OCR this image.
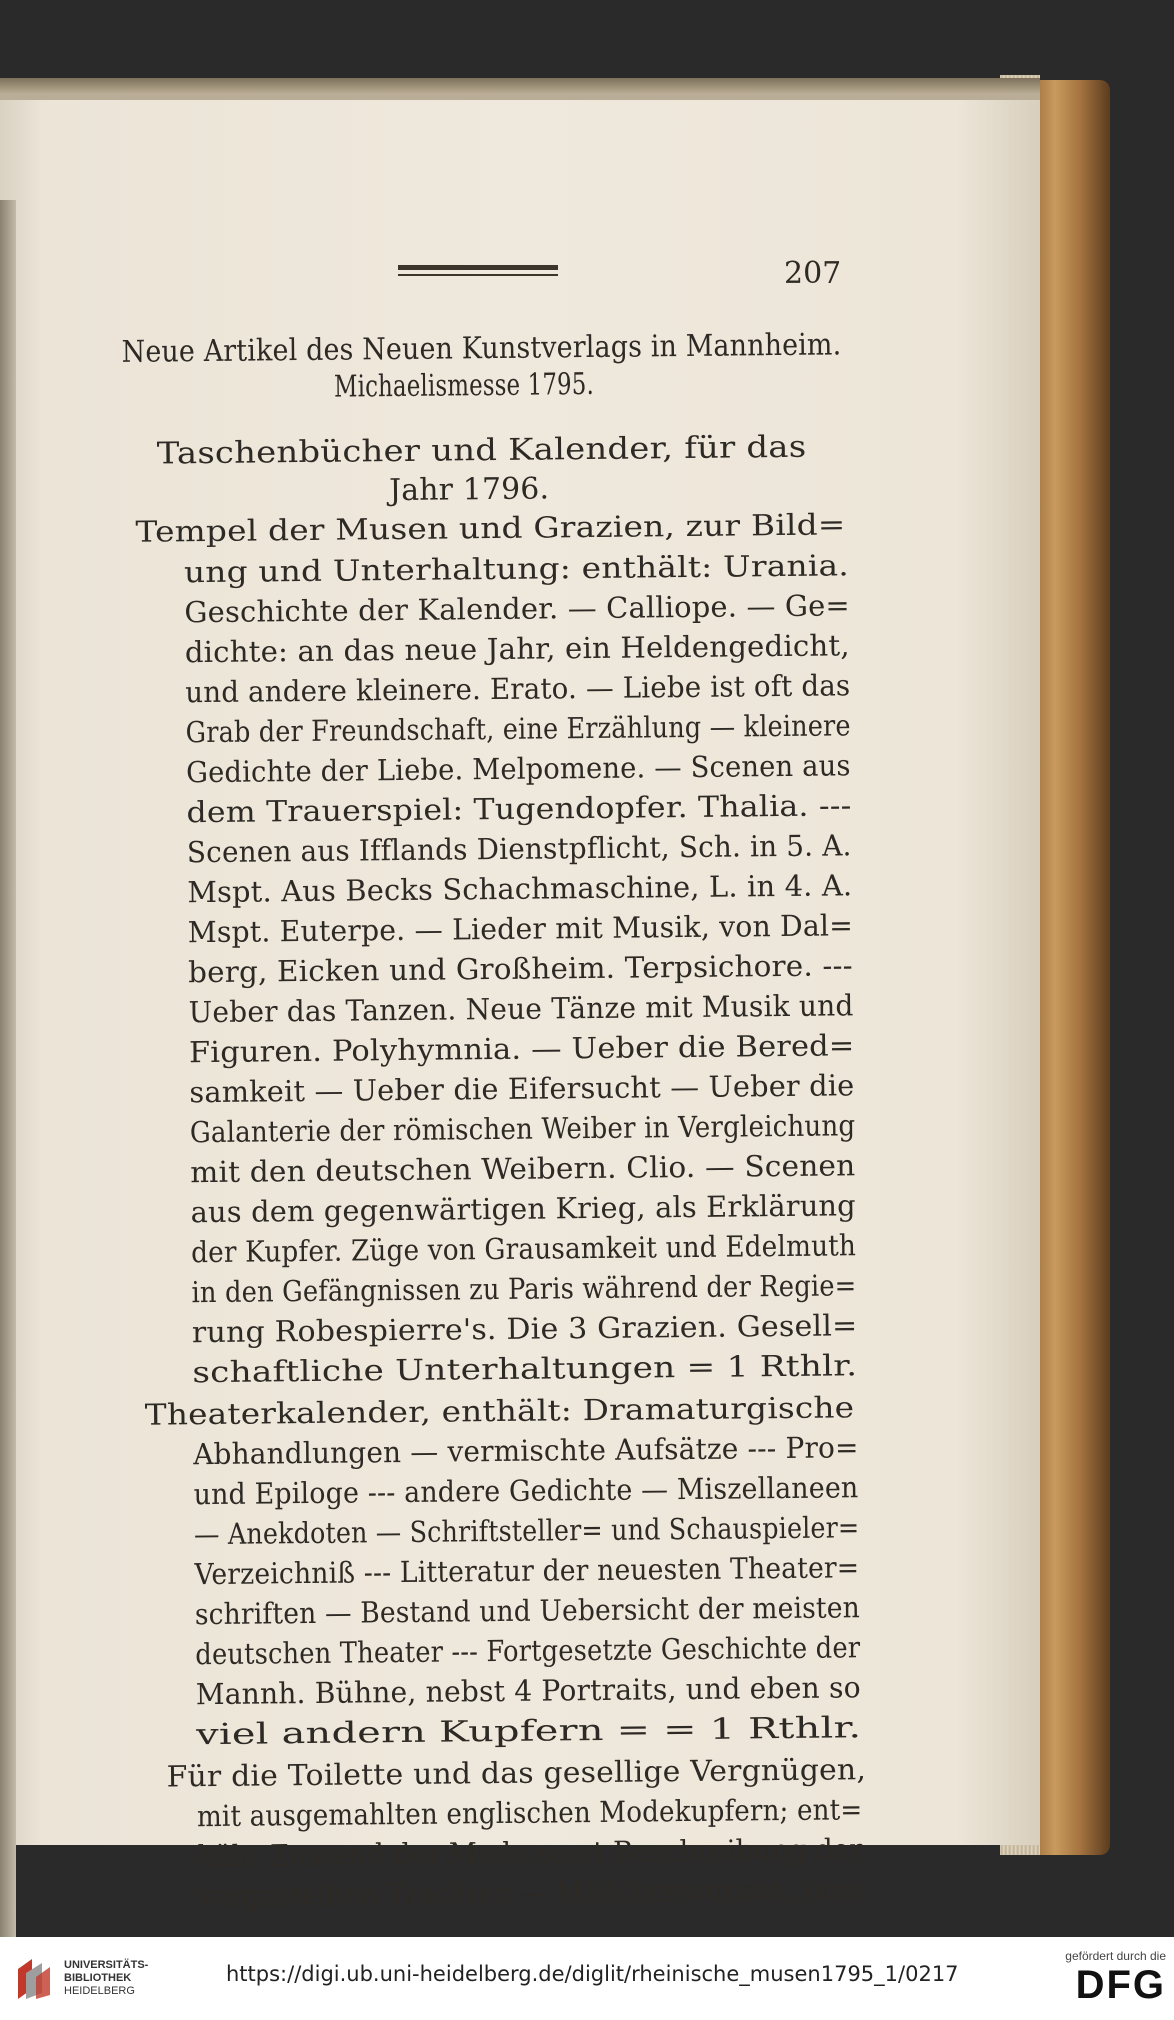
207
Neue Artikel des Neuen Kunstverlags in Mannheim.
Michaelismesse 1795.
Taschenbücher und Kalender, für das
Jahr 1796.
Tempel der Musen und Grazien, zur Bild=
ung und Unterhaltung: enthält: Urania.
Geschichte der Kalender. — Calliope. — Ge=
dichte: an das neue Jahr, ein Heldengedicht,
und andere kleinere. Erato. — Liebe ist oft das
Grab der Freundschaft, eine Erzählung — kleinere
Gedichte der Liebe. Melpomene. — Scenen aus
dem Trauerspiel: Tugendopfer. Thalia. ---
Scenen aus Ifflands Dienstpflicht, Sch. in 5. A.
Mspt. Aus Becks Schachmaschine, L. in 4. A.
Mspt. Euterpe. — Lieder mit Musik, von Dal=
berg, Eicken und Großheim. Terpsichore. ---
Ueber das Tanzen. Neue Tänze mit Musik und
Figuren. Polyhymnia. — Ueber die Bered=
samkeit — Ueber die Eifersucht — Ueber die
Galanterie der römischen Weiber in Vergleichung
mit den deutschen Weibern. Clio. — Scenen
aus dem gegenwärtigen Krieg, als Erklärung
der Kupfer. Züge von Grausamkeit und Edelmuth
in den Gefängnissen zu Paris während der Regie=
rung Robespierre's. Die 3 Grazien. Gesell=
schaftliche Unterhaltungen = 1 Rthlr.
Theaterkalender, enthält: Dramaturgische
Abhandlungen — vermischte Aufsätze --- Pro=
und Epiloge --- andere Gedichte — Miszellaneen
— Anekdoten — Schriftsteller= und Schauspieler=
Verzeichniß --- Litteratur der neuesten Theater=
schriften — Bestand und Uebersicht der meisten
deutschen Theater --- Fortgesetzte Geschichte der
Mannh. Bühne, nebst 4 Portraits, und eben so
viel andern Kupfern = = 1 Rthlr.
Für die Toilette und das gesellige Vergnügen,
mit ausgemahlten englischen Modekupfern; ent=
hält: Zustand der Mode samt Beschreibung der
vorgestellten Trachten — Mädchenwunsch; eine
UNIVERSITÄTS-
BIBLIOTHEK
HEIDELBERG
https://digi.ub.uni-heidelberg.de/diglit/rheinische_musen1795_1/0217
gefördert durch die
DFG
